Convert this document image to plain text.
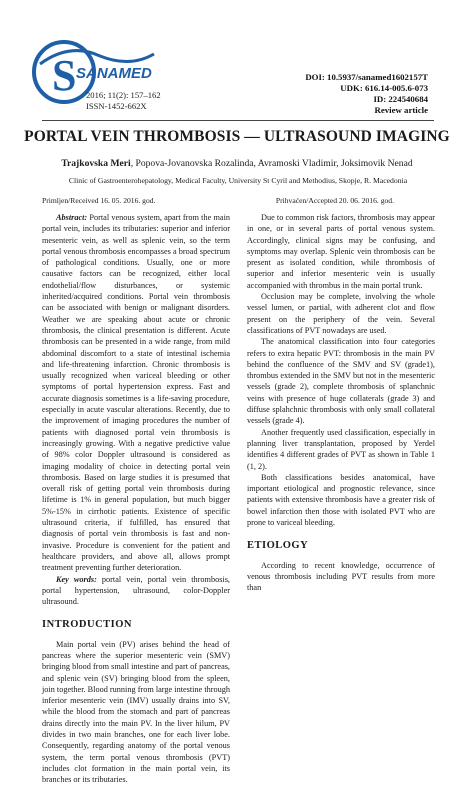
S SANAMED
2016; 11(2): 157–162
ISSN-1452-662X
DOI: 10.5937/sanamed1602157T
UDK: 616.14-005.6-073
ID: 224540684
Review article
PORTAL VEIN THROMBOSIS — ULTRASOUND IMAGING
Trajkovska Meri, Popova-Jovanovska Rozalinda, Avramoski Vladimir, Joksimovik Nenad
Clinic of Gastroenterohepatology, Medical Faculty, University St Cyril and Methodius, Skopje, R. Macedonia
Primljen/Received 16. 05. 2016. god.	Prihvaćen/Accepted 20. 06. 2016. god.

Abstract: Portal venous system, apart from the main portal vein, includes its tributaries: superior and inferior mesenteric vein, as well as splenic vein, so the term portal venous thrombosis encompasses a broad spectrum of pathological conditions. Usually, one or more causative factors can be recognized, either local endothelial/flow disturbances, or systemic inherited/acquired conditions. Portal vein thrombosis can be associated with benign or malignant disorders. Weather we are speaking about acute or chronic thrombosis, the clinical presentation is different. Acute thrombosis can be presented in a wide range, from mild abdominal discomfort to a state of intestinal ischemia and life-threatening infarction. Chronic thrombosis is usually recognized when variceal bleeding or other symptoms of portal hypertension express. Fast and accurate diagnosis sometimes is a life-saving procedure, especially in acute vascular alterations. Recently, due to the improvement of imaging procedures the number of patients with diagnosed portal vein thrombosis is increasingly growing. With a negative predictive value of 98% color Doppler ultrasound is considered as imaging modality of choice in detecting portal vein thrombosis. Based on large studies it is presumed that overall risk of getting portal vein thrombosis during lifetime is 1% in general population, but much bigger 5%-15% in cirrhotic patients. Existence of specific ultrasound criteria, if fulfilled, has ensured that diagnosis of portal vein thrombosis is fast and non-invasive. Procedure is convenient for the patient and healthcare providers, and above all, allows prompt treatment preventing further deterioration.

Key words: portal vein, portal vein thrombosis, portal hypertension, ultrasound, color-Doppler ultrasound.

INTRODUCTION

Main portal vein (PV) arises behind the head of pancreas where the superior mesenteric vein (SMV) bringing blood from small intestine and part of pancreas, and splenic vein (SV) bringing blood from the spleen, join together. Blood running from large intestine through inferior mesenteric vein (IMV) usually drains into SV, while the blood from the stomach and part of pancreas drains directly into the main PV. In the liver hilum, PV divides in two main branches, one for each liver lobe. Consequently, regarding anatomy of the portal venous system, the term portal venous thrombosis (PVT) includes clot formation in the main portal vein, its branches or its tributaries.

Due to common risk factors, thrombosis may appear in one, or in several parts of portal venous system. Accordingly, clinical signs may be confusing, and symptoms may overlap. Splenic vein thrombosis can be present as isolated condition, while thrombosis of superior and inferior mesenteric vein is usually accompanied with thrombus in the main portal trunk.

Occlusion may be complete, involving the whole vessel lumen, or partial, with adherent clot and flow present on the periphery of the vein. Several classifications of PVT nowadays are used.

The anatomical classification into four categories refers to extra hepatic PVT: thrombosis in the main PV behind the confluence of the SMV and SV (grade1), thrombus extended in the SMV but not in the mesenteric vessels (grade 2), complete thrombosis of splanchnic veins with presence of huge collaterals (grade 3) and diffuse splahchnic thrombosis with only small collateral vessels (grade 4).

Another frequently used classification, especially in planning liver transplantation, proposed by Yerdel identifies 4 different grades of PVT as shown in Table 1 (1, 2).

Both classifications besides anatomical, have important etiological and prognostic relevance, since patients with extensive thrombosis have a greater risk of bowel infarction then those with isolated PVT who are prone to variceal bleeding.

ETIOLOGY

According to recent knowledge, occurrence of venous thrombosis including PVT results from more than
